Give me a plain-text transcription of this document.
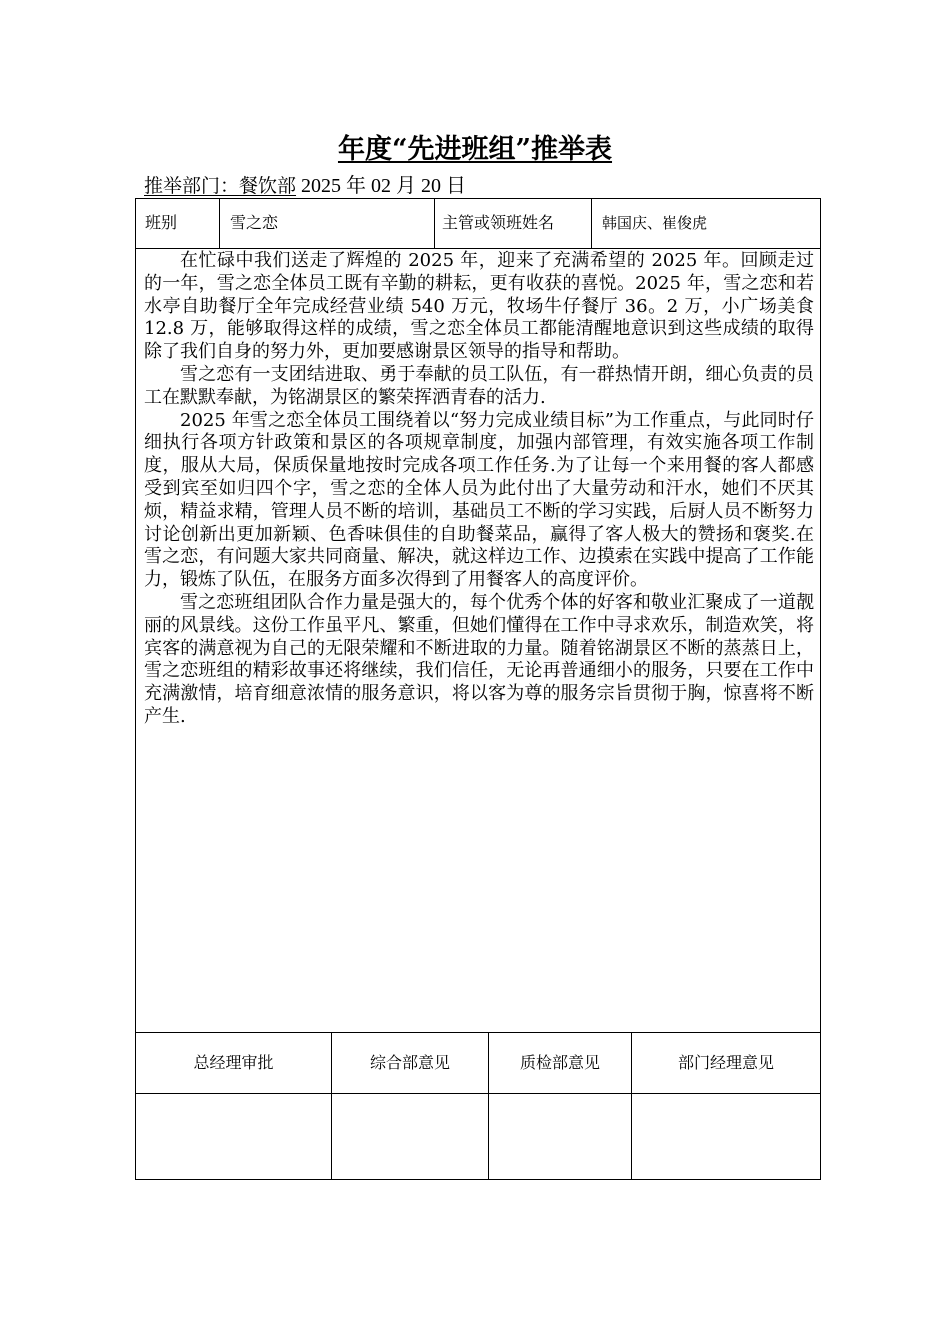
年度“先进班组”推举表
推举部门：餐饮部 2025 年 02 月 20 日
班别	雪之恋	主管或领班姓名	韩国庆、崔俊虎

在忙碌中我们送走了辉煌的 2025 年，迎来了充满希望的 2025 年。回顾走过的一年，雪之恋全体员工既有辛勤的耕耘，更有收获的喜悦。2025 年，雪之恋和若水亭自助餐厅全年完成经营业绩 540 万元，牧场牛仔餐厅 36。2 万，小广场美食 12.8 万，能够取得这样的成绩，雪之恋全体员工都能清醒地意识到这些成绩的取得除了我们自身的努力外，更加要感谢景区领导的指导和帮助。

雪之恋有一支团结进取、勇于奉献的员工队伍，有一群热情开朗，细心负责的员工在默默奉献，为铭湖景区的繁荣挥洒青春的活力.

2025 年雪之恋全体员工围绕着以“努力完成业绩目标”为工作重点，与此同时仔细执行各项方针政策和景区的各项规章制度，加强内部管理，有效实施各项工作制度，服从大局，保质保量地按时完成各项工作任务.为了让每一个来用餐的客人都感受到宾至如归四个字，雪之恋的全体人员为此付出了大量劳动和汗水，她们不厌其烦，精益求精，管理人员不断的培训，基础员工不断的学习实践，后厨人员不断努力讨论创新出更加新颖、色香味俱佳的自助餐菜品，赢得了客人极大的赞扬和褒奖.在雪之恋，有问题大家共同商量、解决，就这样边工作、边摸索在实践中提高了工作能力，锻炼了队伍，在服务方面多次得到了用餐客人的高度评价。

雪之恋班组团队合作力量是强大的，每个优秀个体的好客和敬业汇聚成了一道靓丽的风景线。这份工作虽平凡、繁重，但她们懂得在工作中寻求欢乐，制造欢笑，将宾客的满意视为自己的无限荣耀和不断进取的力量。随着铭湖景区不断的蒸蒸日上，雪之恋班组的精彩故事还将继续，我们信任，无论再普通细小的服务，只要在工作中充满激情，培育细意浓情的服务意识，将以客为尊的服务宗旨贯彻于胸，惊喜将不断产生.

总经理审批	综合部意见	质检部意见	部门经理意见
